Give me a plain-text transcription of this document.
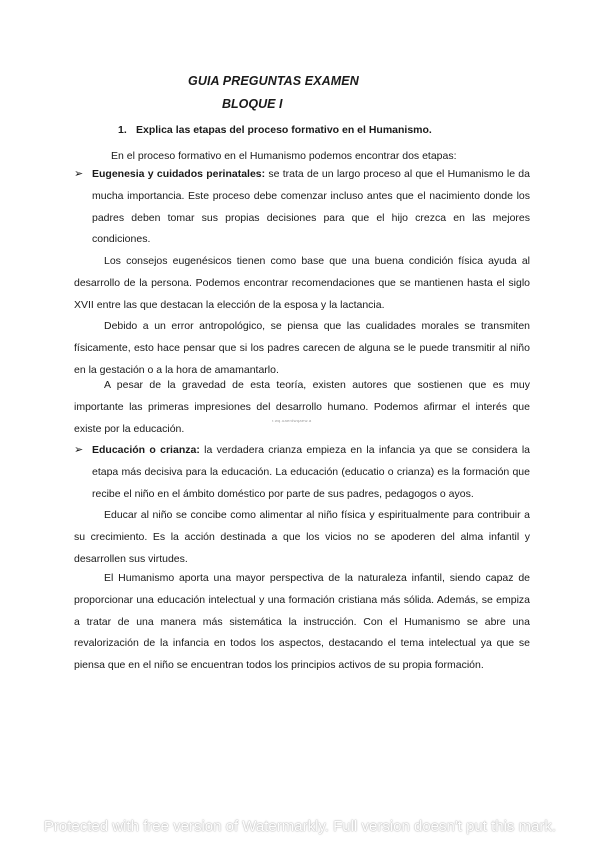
GUIA PREGUNTAS EXAMEN
BLOQUE I
1. Explica las etapas del proceso formativo en el Humanismo.
En el proceso formativo en el Humanismo podemos encontrar dos etapas:
➢ Eugenesia y cuidados perinatales: se trata de un largo proceso al que el Humanismo le da mucha importancia. Este proceso debe comenzar incluso antes que el nacimiento donde los padres deben tomar sus propias decisiones para que el hijo crezca en las mejores condiciones.
Los consejos eugenésicos tienen como base que una buena condición física ayuda al desarrollo de la persona. Podemos encontrar recomendaciones que se mantienen hasta el siglo XVII entre las que destacan la elección de la esposa y la lactancia.
Debido a un error antropológico, se piensa que las cualidades morales se transmiten físicamente, esto hace pensar que si los padres carecen de alguna se le puede transmitir al niño en la gestación o a la hora de amamantarlo.
A pesar de la gravedad de esta teoría, existen autores que sostienen que es muy importante las primeras impresiones del desarrollo humano. Podemos afirmar el interés que existe por la educación.
r.wq.uaerdwqaew.a
➢ Educación o crianza: la verdadera crianza empieza en la infancia ya que se considera la etapa más decisiva para la educación. La educación (educatio o crianza) es la formación que recibe el niño en el ámbito doméstico por parte de sus padres, pedagogos o ayos.
Educar al niño se concibe como alimentar al niño física y espiritualmente para contribuir a su crecimiento. Es la acción destinada a que los vicios no se apoderen del alma infantil y desarrollen sus virtudes.
El Humanismo aporta una mayor perspectiva de la naturaleza infantil, siendo capaz de proporcionar una educación intelectual y una formación cristiana más sólida. Además, se empiza a tratar de una manera más sistemática la instrucción. Con el Humanismo se abre una revalorización de la infancia en todos los aspectos, destacando el tema intelectual ya que se piensa que en el niño se encuentran todos los principios activos de su propia formación.
Protected with free version of Watermarkly. Full version doesn't put this mark.
